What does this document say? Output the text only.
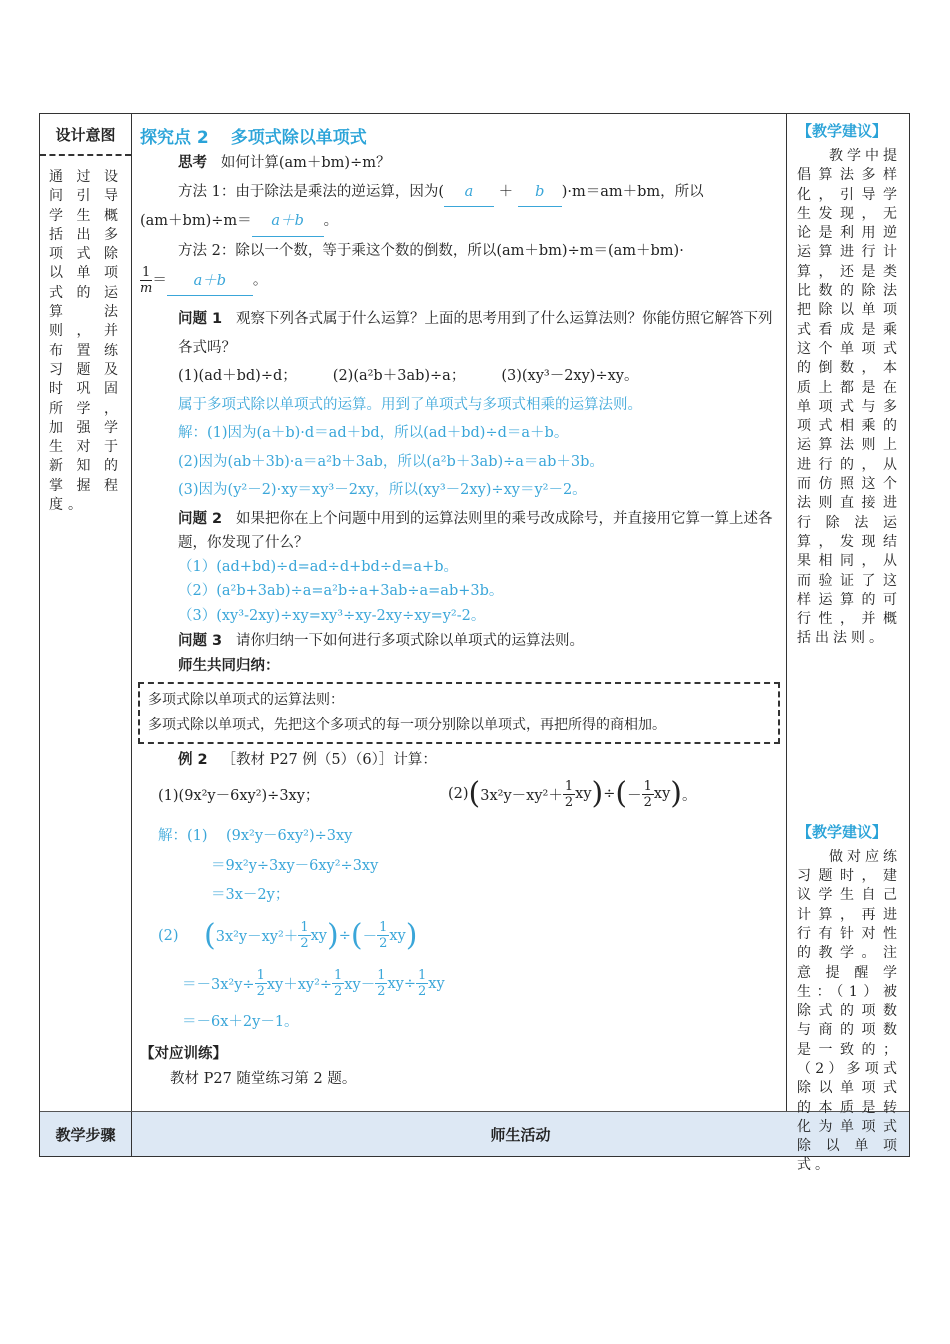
设计意图
通过设问引导学生概括出多项式除以单项式的运算法则，并布置练习题及时巩固所学，加强学生对于新知的掌握程度。
探究点 2 多项式除以单项式
思考 如何计算(am＋bm)÷m？
方法 1：由于除法是乘法的逆运算，因为( a ＋ b )·m＝am＋bm，所以
(am＋bm)÷m＝ a＋b 。
方法 2：除以一个数，等于乘这个数的倒数，所以(am＋bm)÷m＝(am＋bm)·
$\frac{1}{m} = a+b$ 。
问题 1 观察下列各式属于什么运算？上面的思考用到了什么运算法则？你能仿照它解答下列各式吗？
(1)(ad＋bd)÷d； (2)(a²b＋3ab)÷a； (3)(xy³－2xy)÷xy。
属于多项式除以单项式的运算。用到了单项式与多项式相乘的运算法则。
解：(1)因为(a＋b)·d＝ad＋bd，所以(ad＋bd)÷d＝a＋b。
(2)因为(ab＋3b)·a＝a²b＋3ab，所以(a²b＋3ab)÷a＝ab＋3b。
(3)因为(y²－2)·xy＝xy³－2xy，所以(xy³－2xy)÷xy＝y²－2。
问题 2 如果把你在上个问题中用到的运算法则里的乘号改成除号，并直接用它算一算上述各题，你发现了什么？
（1）(ad+bd)÷d=ad÷d+bd÷d=a+b。
（2）(a²b+3ab)÷a=a²b÷a+3ab÷a=ab+3b。
（3）(xy³-2xy)÷xy=xy³÷xy-2xy÷xy=y²-2。
问题 3 请你归纳一下如何进行多项式除以单项式的运算法则。
师生共同归纳：
多项式除以单项式的运算法则：
多项式除以单项式，先把这个多项式的每一项分别除以单项式，再把所得的商相加。
例 2 ［教材 P27 例（5）（6）］计算：
(1)(9x²y－6xy²)÷3xy；	(2) ( $3x^2y-xy^2+ \frac{1}{2}$ xy ) ÷ ( － $\frac{1}{2}$ xy ) 。
解：(1) (9x²y－6xy²)÷3xy
＝9x²y÷3xy－6xy²÷3xy
＝3x－2y；
(2) ( $3x^2y-xy^2+ \frac{1}{2}$ xy ) ÷ ( － $\frac{1}{2}$ xy )
$=-3x^2y\div \frac{1}{2} xy+xy^2\div \frac{1}{2} xy- \frac{1}{2} xy\div \frac{1}{2}$ xy
＝－6x＋2y－1。
【对应训练】
教材 P27 随堂练习第 2 题。
【教学建议】
教学中提倡算法多样化，引导学生发现，无论是利用逆运算进行计算，还是类比数的除法把除以单项式看成是乘这个单项式的倒数，本质上都是在单项式与多项式相乘的运算法则上进行的，从而仿照这个法则直接进行除法运算，发现结果相同，从而验证了这样运算的可行性，并概括出法则。
【教学建议】
做对应练习题时，建议学生自己计算，再进行有针对性的教学。注意提醒学生：（1）被除式的项数与商的项数是一致的；（2）多项式除以单项式的本质是转化为单项式除以单项式。
教学步骤	师生活动
